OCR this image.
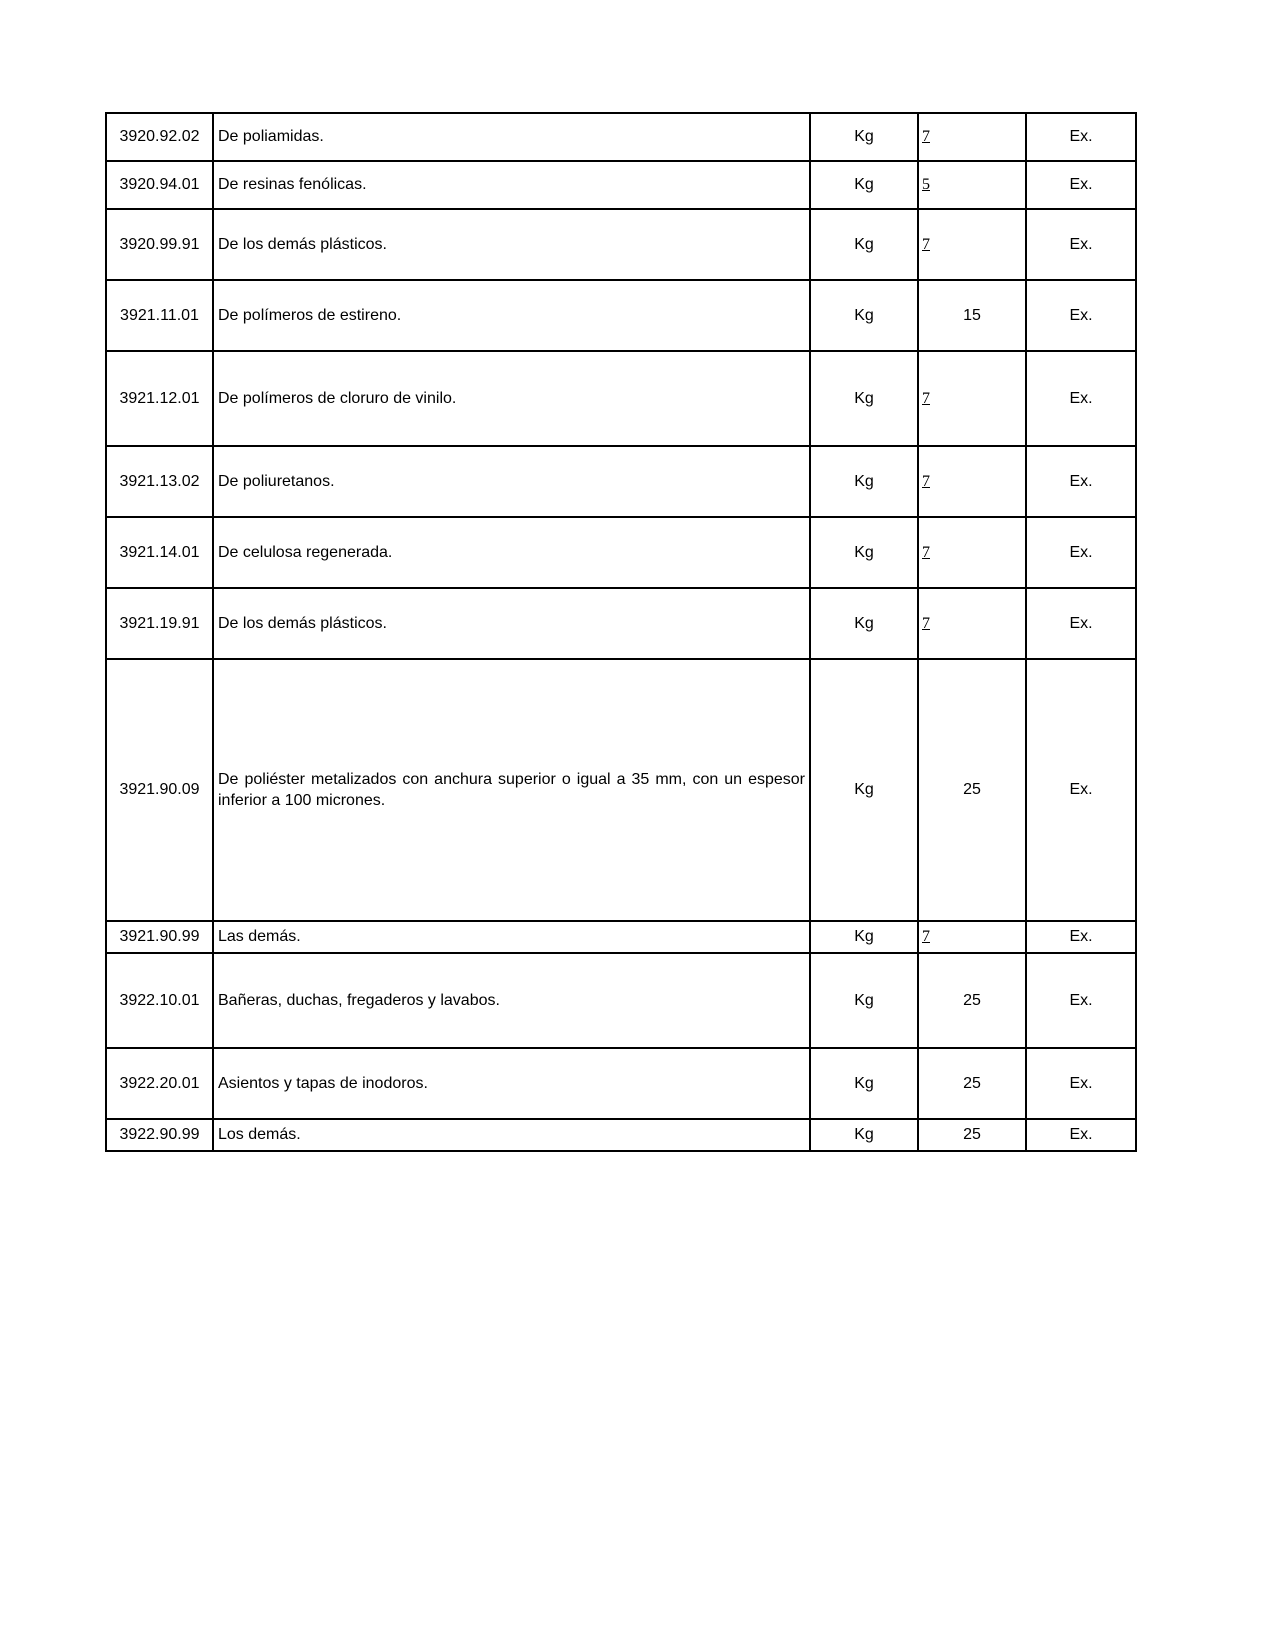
3920.92.02	De poliamidas.	Kg	7	Ex.
3920.94.01	De resinas fenólicas.	Kg	5	Ex.
3920.99.91	De los demás plásticos.	Kg	7	Ex.
3921.11.01	De polímeros de estireno.	Kg	15	Ex.
3921.12.01	De polímeros de cloruro de vinilo.	Kg	7	Ex.
3921.13.02	De poliuretanos.	Kg	7	Ex.
3921.14.01	De celulosa regenerada.	Kg	7	Ex.
3921.19.91	De los demás plásticos.	Kg	7	Ex.
3921.90.09	De poliéster metalizados con anchura superior o igual a 35 mm, con un espesor inferior a 100 micrones.	Kg	25	Ex.
3921.90.99	Las demás.	Kg	7	Ex.
3922.10.01	Bañeras, duchas, fregaderos y lavabos.	Kg	25	Ex.
3922.20.01	Asientos y tapas de inodoros.	Kg	25	Ex.
3922.90.99	Los demás.	Kg	25	Ex.
